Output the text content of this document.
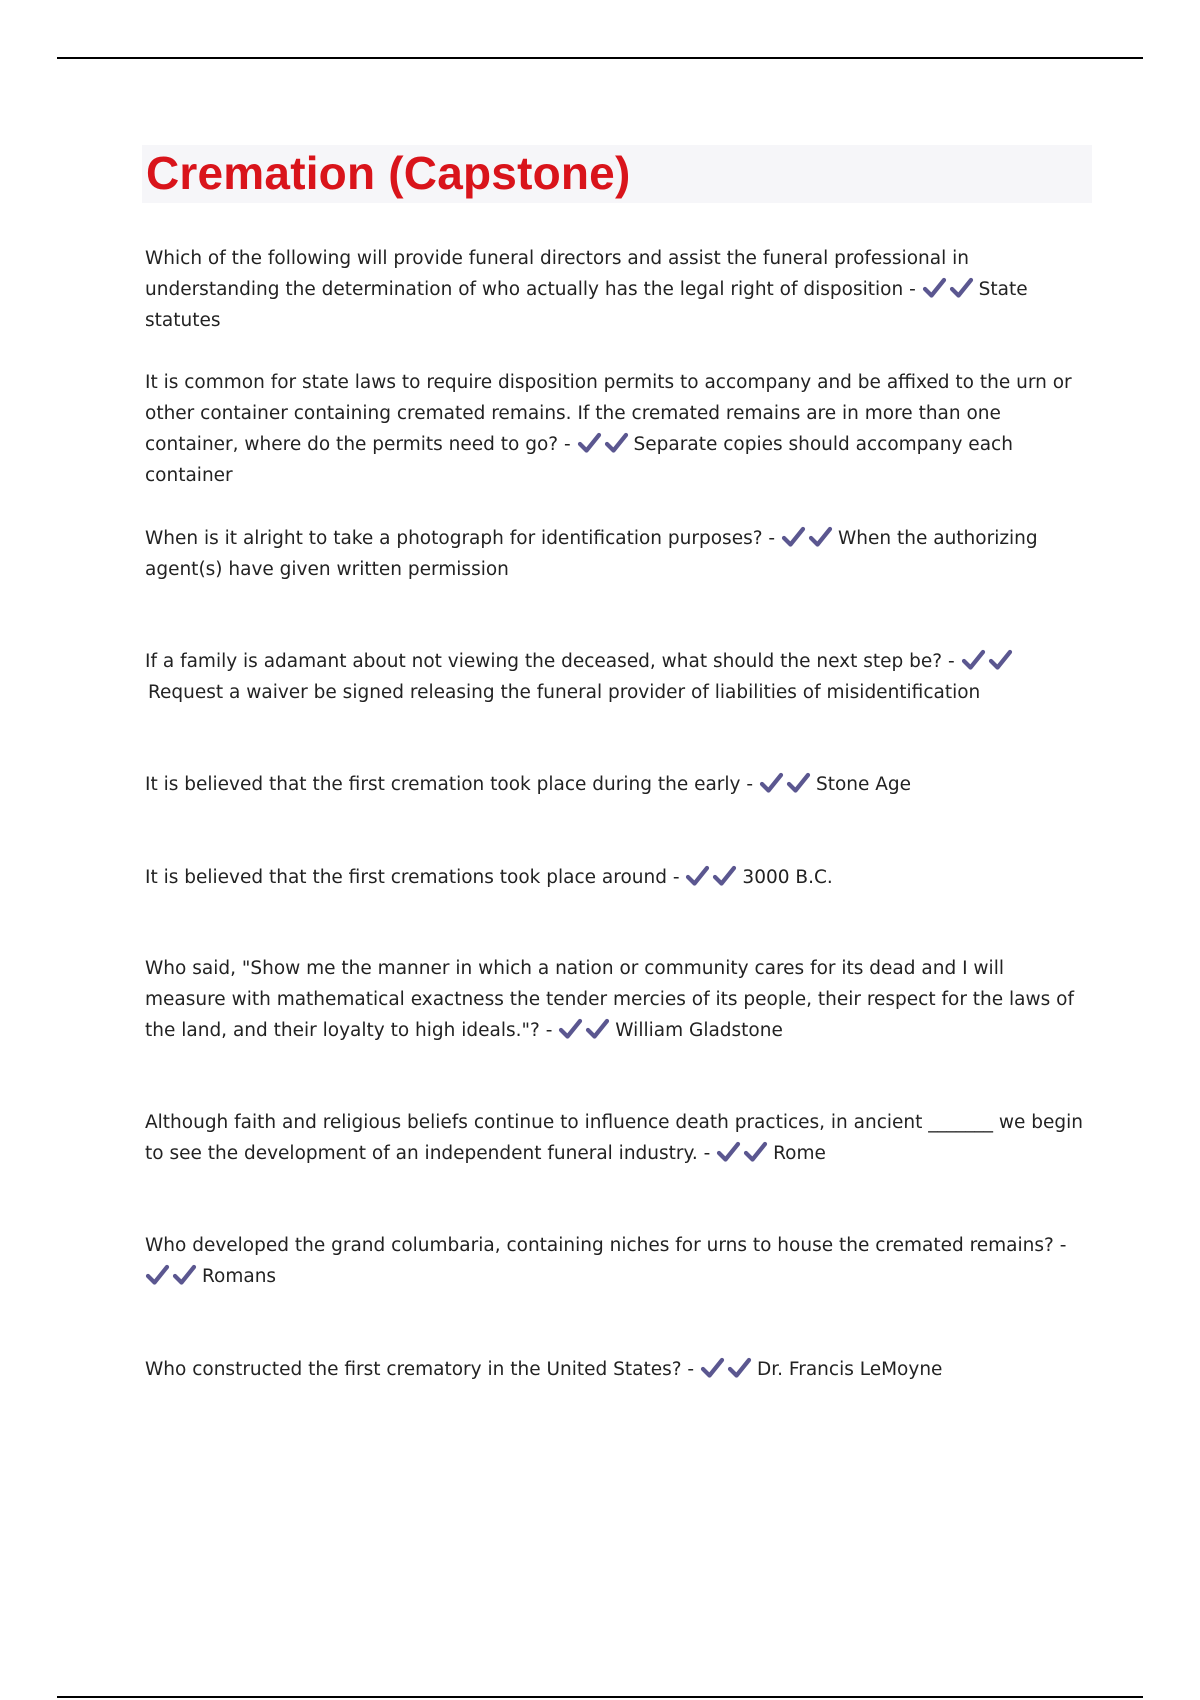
Cremation (Capstone)

Which of the following will provide funeral directors and assist the funeral professional in understanding the determination of who actually has the legal right of disposition -	State statutes

It is common for state laws to require disposition permits to accompany and be affixed to the urn or other container containing cremated remains. If the cremated remains are in more than one container, where do the permits need to go? -	Separate copies should accompany each container

When is it alright to take a photograph for identification purposes? -	When the authorizing agent(s) have given written permission

If a family is adamant about not viewing the deceased, what should the next step be? -
Request a waiver be signed releasing the funeral provider of liabilities of misidentification

It is believed that the first cremation took place during the early -	Stone Age

It is believed that the first cremations took place around -	3000 B.C.

Who said, "Show me the manner in which a nation or community cares for its dead and I will measure with mathematical exactness the tender mercies of its people, their respect for the laws of the land, and their loyalty to high ideals."? -	William Gladstone

Although faith and religious beliefs continue to influence death practices, in ancient _______ we begin to see the development of an independent funeral industry. -	Rome

Who developed the grand columbaria, containing niches for urns to house the cremated remains? -
Romans

Who constructed the first crematory in the United States? -	Dr. Francis LeMoyne
